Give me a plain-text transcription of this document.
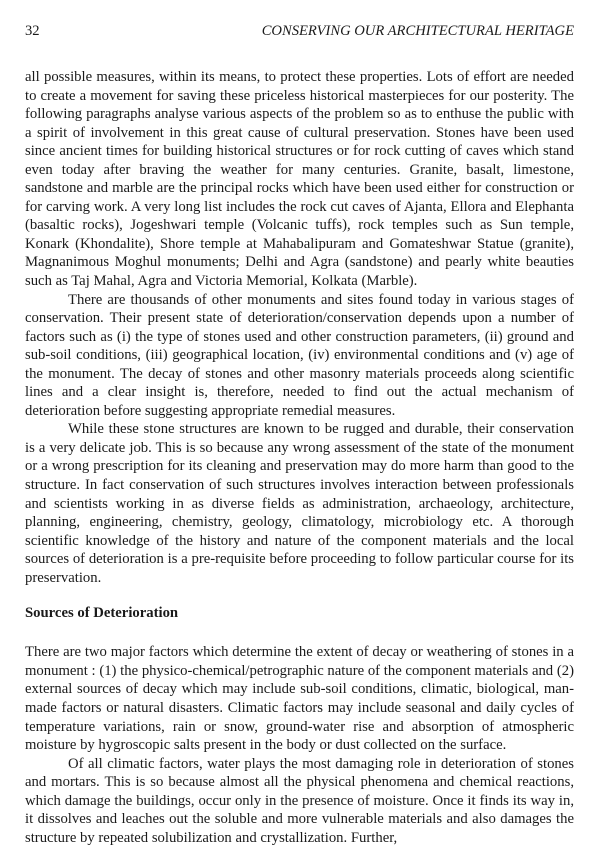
32	CONSERVING OUR ARCHITECTURAL HERITAGE

all possible measures, within its means, to protect these properties. Lots of effort are needed to create a movement for saving these priceless historical masterpieces for our posterity. The following paragraphs analyse various aspects of the problem so as to enthuse the public with a spirit of involvement in this great cause of cultural preservation. Stones have been used since ancient times for building historical structures or for rock cutting of caves which stand even today after braving the weather for many centuries. Granite, basalt, limestone, sandstone and marble are the principal rocks which have been used either for construction or for carving work. A very long list includes the rock cut caves of Ajanta, Ellora and Elephanta (basaltic rocks), Jogeshwari temple (Volcanic tuffs), rock temples such as Sun temple, Konark (Khondalite), Shore temple at Mahabalipuram and Gomateshwar Statue (granite), Magnanimous Moghul monuments; Delhi and Agra (sandstone) and pearly white beauties such as Taj Mahal, Agra and Victoria Memorial, Kolkata (Marble).

There are thousands of other monuments and sites found today in various stages of conservation. Their present state of deterioration/conservation depends upon a number of factors such as (i) the type of stones used and other construction parameters, (ii) ground and sub-soil conditions, (iii) geographical location, (iv) environmental conditions and (v) age of the monument. The decay of stones and other masonry materials proceeds along scientific lines and a clear insight is, therefore, needed to find out the actual mechanism of deterioration before suggesting appropriate remedial measures.

While these stone structures are known to be rugged and durable, their conservation is a very delicate job. This is so because any wrong assessment of the state of the monument or a wrong prescription for its cleaning and preservation may do more harm than good to the structure. In fact conservation of such structures involves interaction between professionals and scientists working in as diverse fields as administration, archaeology, architecture, planning, engineering, chemistry, geology, climatology, microbiology etc. A thorough scientific knowledge of the history and nature of the component materials and the local sources of deterioration is a pre-requisite before proceeding to follow particular course for its preservation.

Sources of Deterioration

There are two major factors which determine the extent of decay or weathering of stones in a monument : (1) the physico-chemical/petrographic nature of the component materials and (2) external sources of decay which may include sub-soil conditions, climatic, biological, man-made factors or natural disasters. Climatic factors may include seasonal and daily cycles of temperature variations, rain or snow, ground-water rise and absorption of atmospheric moisture by hygroscopic salts present in the body or dust collected on the surface.

Of all climatic factors, water plays the most damaging role in deterioration of stones and mortars. This is so because almost all the physical phenomena and chemical reactions, which damage the buildings, occur only in the presence of moisture. Once it finds its way in, it dissolves and leaches out the soluble and more vulnerable materials and also damages the structure by repeated solubilization and crystallization. Further,
